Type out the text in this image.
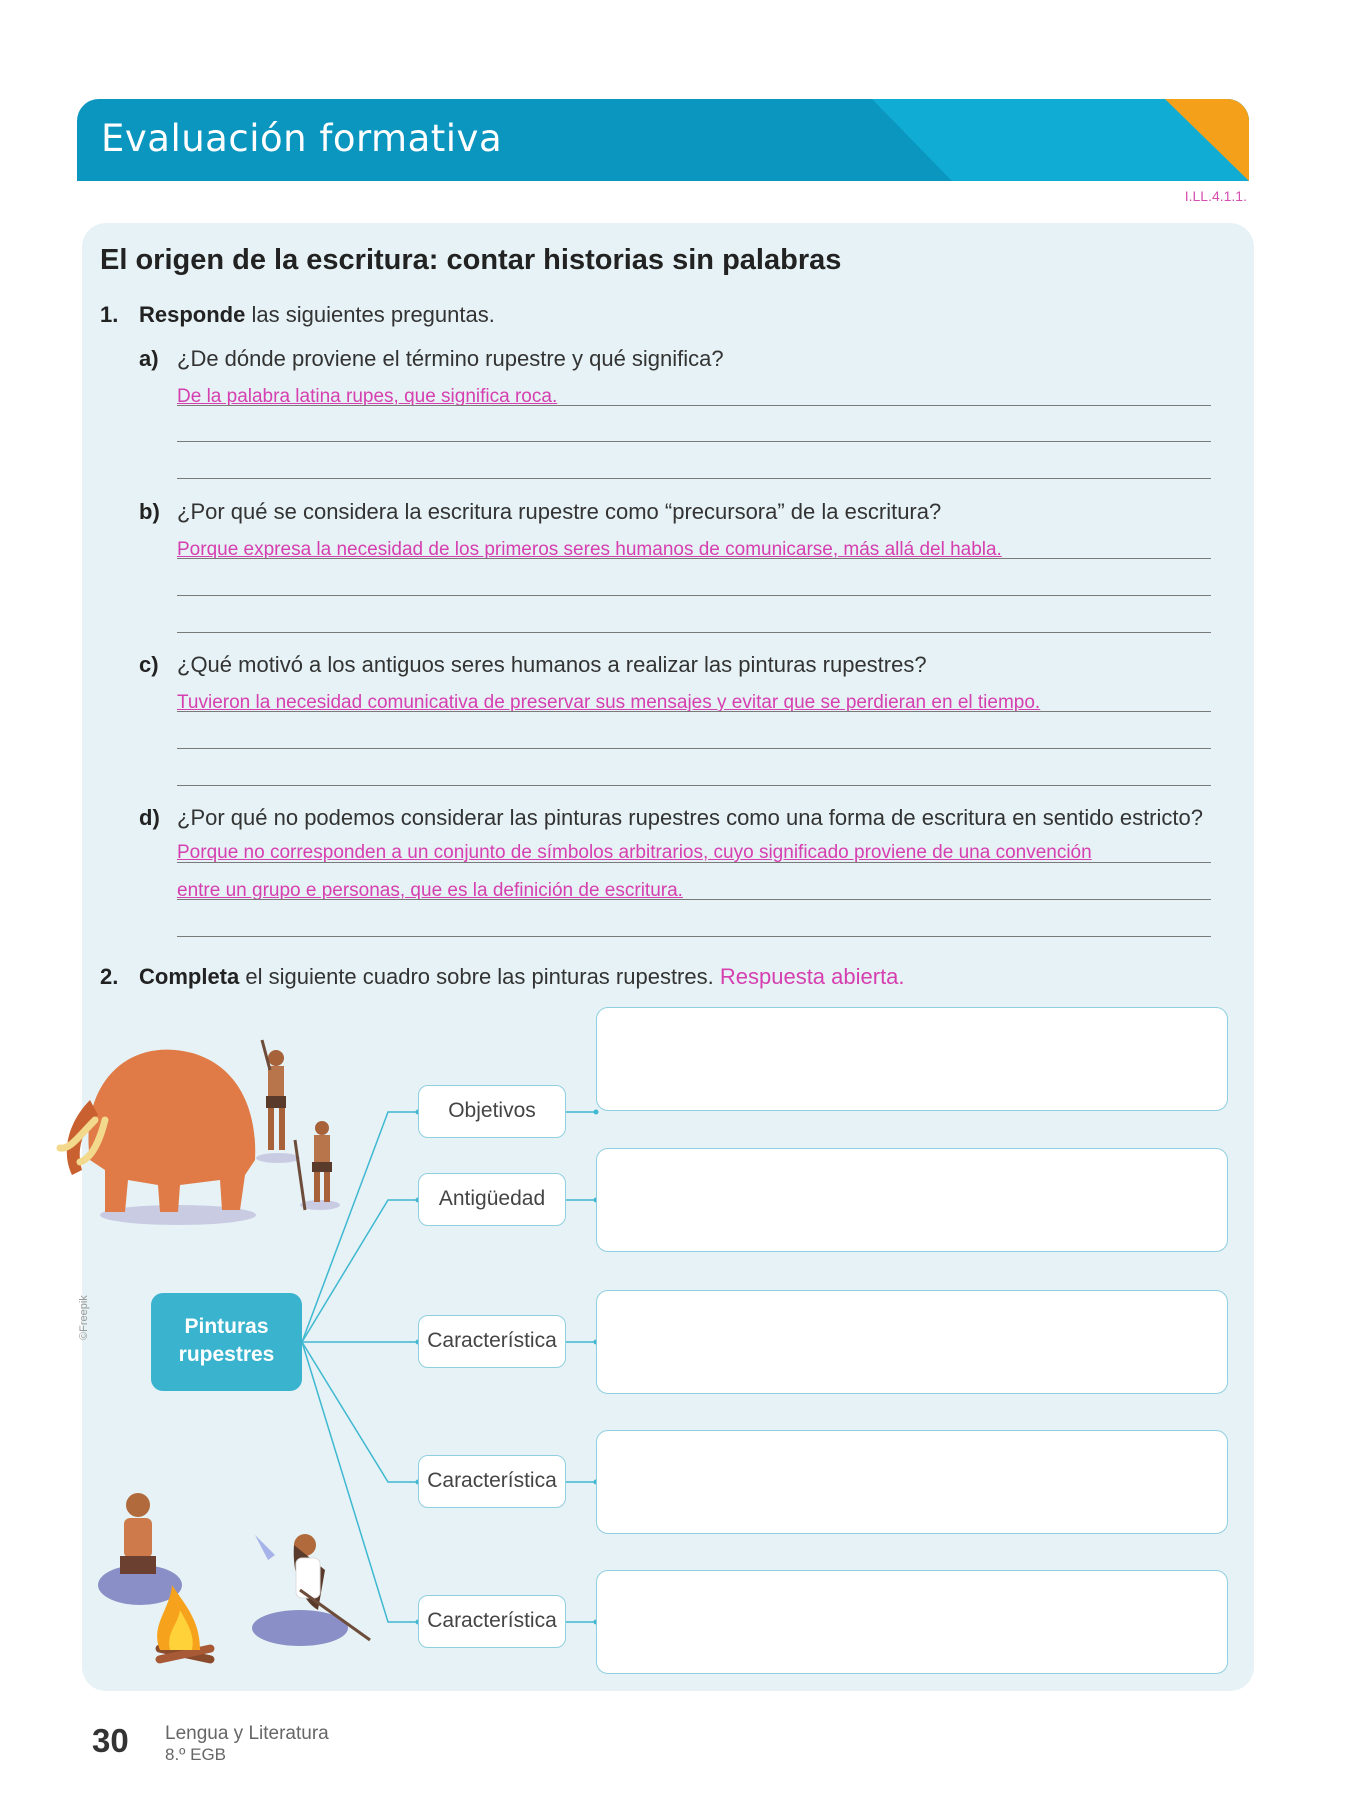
Evaluación formativa
DUA
Acción y expresión
I.LL.4.1.1.
El origen de la escritura: contar historias sin palabras
1. Responde las siguientes preguntas.
a) ¿De dónde proviene el término rupestre y qué significa?
De la palabra latina rupes, que significa roca.
b) ¿Por qué se considera la escritura rupestre como “precursora” de la escritura?
Porque expresa la necesidad de los primeros seres humanos de comunicarse, más allá del habla.
c) ¿Qué motivó a los antiguos seres humanos a realizar las pinturas rupestres?
Tuvieron la necesidad comunicativa de preservar sus mensajes y evitar que se perdieran en el tiempo.
d) ¿Por qué no podemos considerar las pinturas rupestres como una forma de escritura en sentido estricto?
Porque no corresponden a un conjunto de símbolos arbitrarios, cuyo significado proviene de una convención
entre un grupo e personas, que es la definición de escritura.
2. Completa el siguiente cuadro sobre las pinturas rupestres. Respuesta abierta.
©Freepik	Pinturas
rupestres
Objetivos
Antigüedad
Característica
Característica
Característica
30 Lengua y Literatura
8.º EGB
